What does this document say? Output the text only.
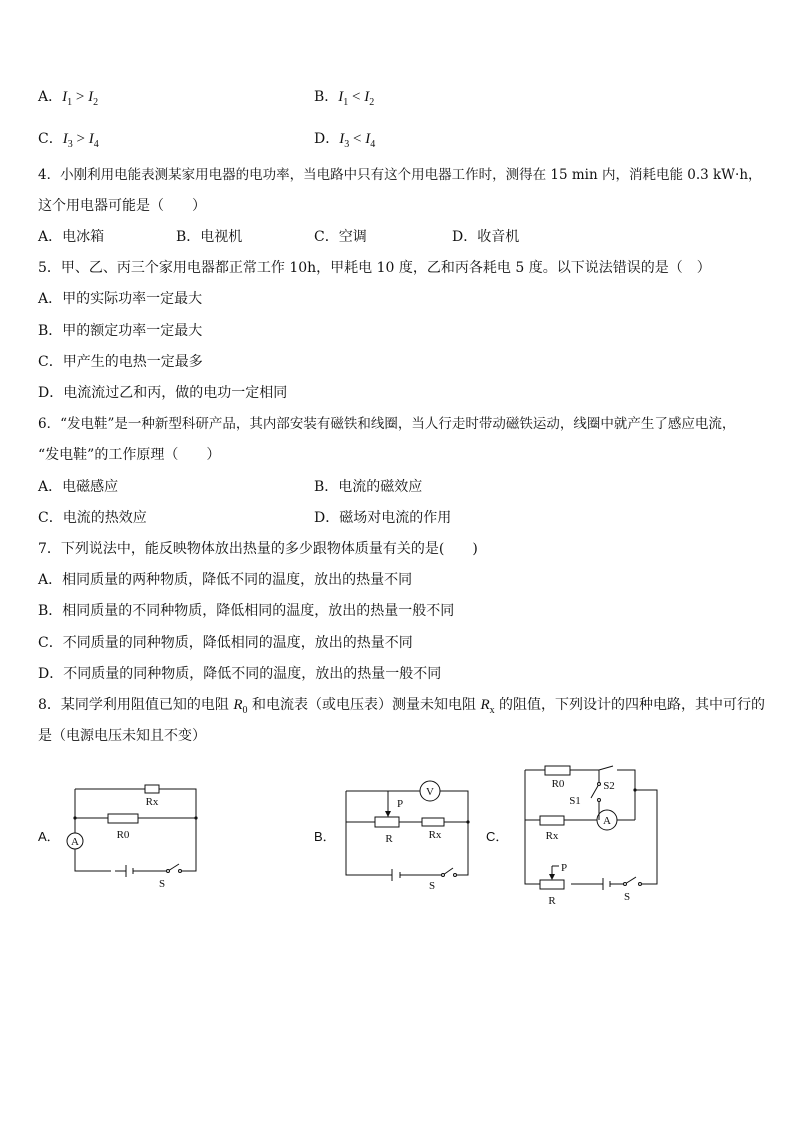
A．$I_1 > I_2$	B．$I_1 < I_2$
C．$I_3 > I_4$	D．$I_3 < I_4$
4．小刚利用电能表测某家用电器的电功率，当电路中只有这个用电器工作时，测得在 15 min 内，消耗电能 0.3 kW·h，
这个用电器可能是（　　）
A．电冰箱	B．电视机	C．空调	D．收音机
5．甲、乙、丙三个家用电器都正常工作 10h，甲耗电 10 度，乙和丙各耗电 5 度。以下说法错误的是（　）
A．甲的实际功率一定最大
B．甲的额定功率一定最大
C．甲产生的电热一定最多
D．电流流过乙和丙，做的电功一定相同
6．“发电鞋”是一种新型科研产品，其内部安装有磁铁和线圈，当人行走时带动磁铁运动，线圈中就产生了感应电流，
“发电鞋”的工作原理（　　）
A．电磁感应	B．电流的磁效应
C．电流的热效应	D．磁场对电流的作用
7．下列说法中，能反映物体放出热量的多少跟物体质量有关的是(　　)
A．相同质量的两种物质，降低不同的温度，放出的热量不同
B．相同质量的不同种物质，降低相同的温度，放出的热量一般不同
C．不同质量的同种物质，降低相同的温度，放出的热量不同
D．不同质量的同种物质，降低不同的温度，放出的热量一般不同
8．某同学利用阻值已知的电阻 $R_0$ 和电流表（或电压表）测量未知电阻 $R_x$ 的阻值，下列设计的四种电路，其中可行的
是（电源电压未知且不变）
A．
Rx
R0
A
S
B．
V
P
R	Rx
S
C．
R0	S2
S1
A
Rx
P
R	S
